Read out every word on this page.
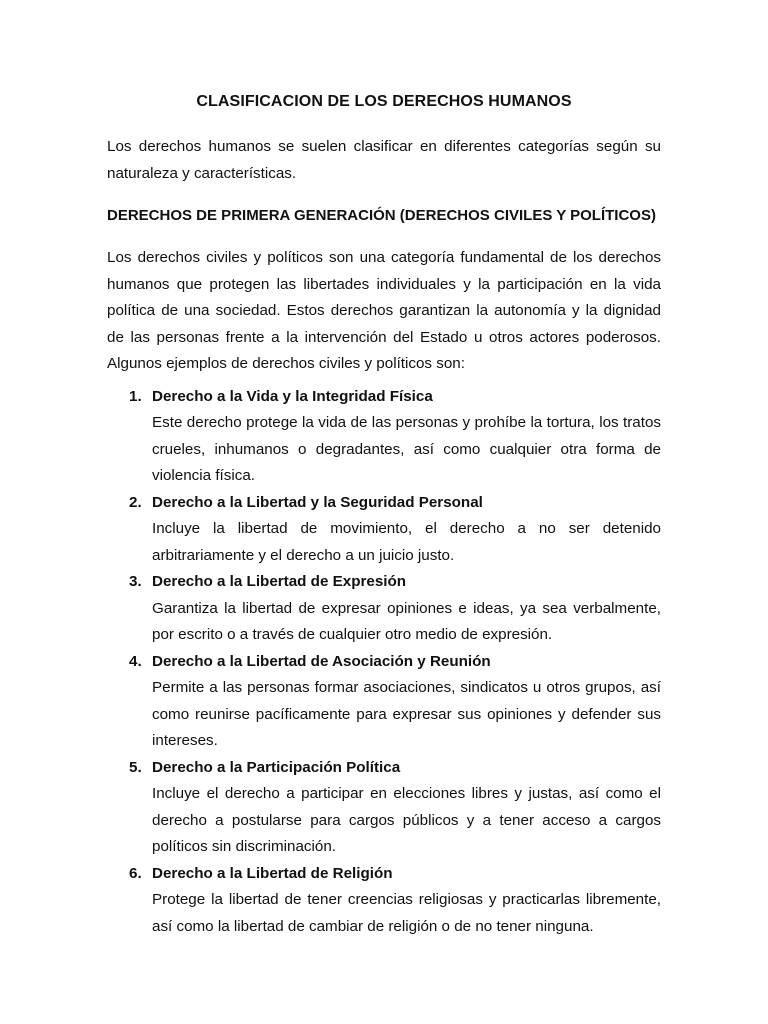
CLASIFICACION DE LOS DERECHOS HUMANOS

Los derechos humanos se suelen clasificar en diferentes categorías según su naturaleza y características.

DERECHOS DE PRIMERA GENERACIÓN (DERECHOS CIVILES Y POLÍTICOS)

Los derechos civiles y políticos son una categoría fundamental de los derechos humanos que protegen las libertades individuales y la participación en la vida política de una sociedad. Estos derechos garantizan la autonomía y la dignidad de las personas frente a la intervención del Estado u otros actores poderosos. Algunos ejemplos de derechos civiles y políticos son:

1. Derecho a la Vida y la Integridad Física
Este derecho protege la vida de las personas y prohíbe la tortura, los tratos crueles, inhumanos o degradantes, así como cualquier otra forma de violencia física.
2. Derecho a la Libertad y la Seguridad Personal
Incluye la libertad de movimiento, el derecho a no ser detenido arbitrariamente y el derecho a un juicio justo.
3. Derecho a la Libertad de Expresión
Garantiza la libertad de expresar opiniones e ideas, ya sea verbalmente, por escrito o a través de cualquier otro medio de expresión.
4. Derecho a la Libertad de Asociación y Reunión
Permite a las personas formar asociaciones, sindicatos u otros grupos, así como reunirse pacíficamente para expresar sus opiniones y defender sus intereses.
5. Derecho a la Participación Política
Incluye el derecho a participar en elecciones libres y justas, así como el derecho a postularse para cargos públicos y a tener acceso a cargos políticos sin discriminación.
6. Derecho a la Libertad de Religión
Protege la libertad de tener creencias religiosas y practicarlas libremente, así como la libertad de cambiar de religión o de no tener ninguna.
